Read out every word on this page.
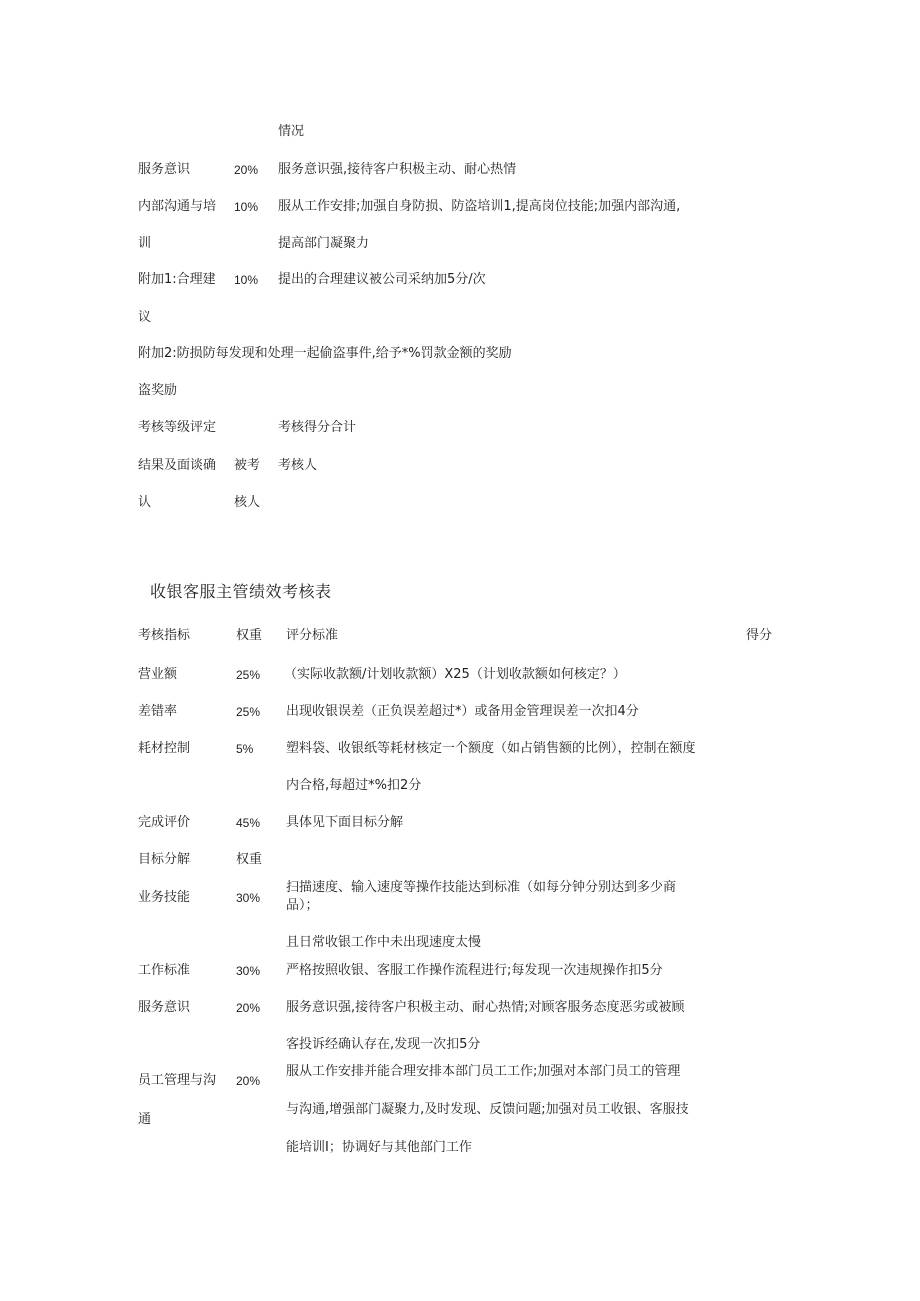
情况
服务意识	20% 服务意识强,接待客户积极主动、耐心热情
内部沟通与培 10% 服从工作安排;加强自身防损、防盗培训1,提高岗位技能;加强内部沟通,
训	提高部门凝聚力
附加1:合理建 10% 提出的合理建议被公司采纳加5分/次
议
附加2:防损防每发现和处理一起偷盗事件,给予*%罚款金额的奖励
盗奖励
考核等级评定	考核得分合计
结果及面谈确 被考 考核人
认	核人
收银客服主管绩效考核表
考核指标	权重 评分标准	得分
营业额	25% （实际收款额/计划收款额）X25（计划收款额如何核定？）
差错率	25% 出现收银误差（正负误差超过*）或备用金管理误差一次扣4分
耗材控制	5%	塑料袋、收银纸等耗材核定一个额度（如占销售额的比例），控制在额度
内合格,每超过*%扣2分
完成评价	45% 具体见下面目标分解
目标分解	权重
业务技能	30%
扫描速度、输入速度等操作技能达到标准（如每分钟分别达到多少商
品）；
且日常收银工作中未出现速度太慢
工作标准	30% 严格按照收银、客服工作操作流程进行;每发现一次违规操作扣5分
服务意识	20% 服务意识强,接待客户积极主动、耐心热情;对顾客服务态度恶劣或被顾
客投诉经确认存在,发现一次扣5分
员工管理与沟 20%
服从工作安排并能合理安排本部门员工工作;加强对本部门员工的管理
与沟通,增强部门凝聚力,及时发现、反馈问题;加强对员工收银、客服技
通
能培训I；协调好与其他部门工作
